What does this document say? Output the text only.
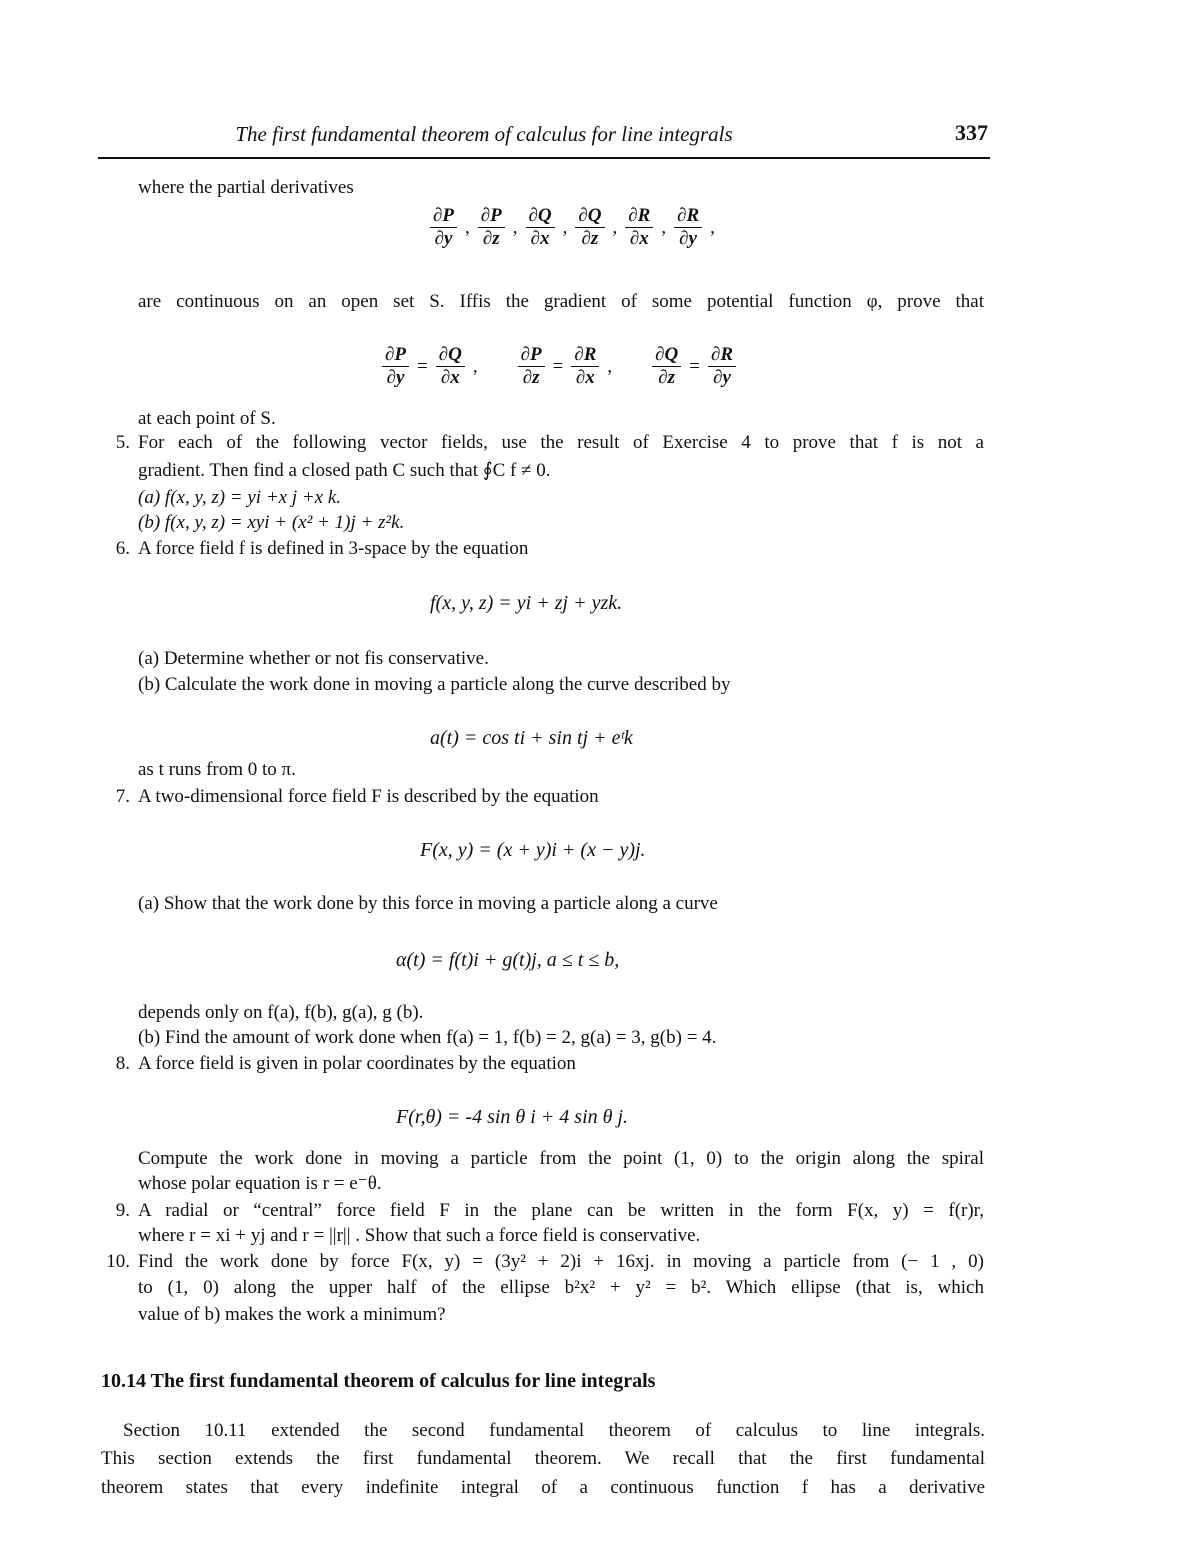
The first fundamental theorem of calculus for line integrals	337
where the partial derivatives
$\frac{\partial P}{\partial y}$ , $\frac{\partial P}{\partial z}$ , $\frac{\partial Q}{\partial x}$ , $\frac{\partial Q}{\partial z}$ , $\frac{\partial R}{\partial x}$ , $\frac{\partial R}{\partial y}$ ,
are continuous on an open set S. Iffis the gradient of some potential function φ, prove that
$\frac{\partial P}{\partial y} = \frac{\partial Q}{\partial x}$ , $\frac{\partial P}{\partial z} = \frac{\partial R}{\partial x}$ , $\frac{\partial Q}{\partial z} = \frac{\partial R}{\partial y}$
at each point of S.
5. For each of the following vector fields, use the result of Exercise 4 to prove that f is not a
gradient. Then find a closed path C such that ∮C f ≠ 0.
(a) f(x, y, z) = yi +x j +x k.
(b) f(x, y, z) = xyi + (x² + 1)j + z²k.
6. A force field f is defined in 3-space by the equation
f(x, y, z) = yi + zj + yzk.
(a) Determine whether or not fis conservative.
(b) Calculate the work done in moving a particle along the curve described by
a(t) = cos ti + sin tj + eᵗk
as t runs from 0 to π.
7. A two-dimensional force field F is described by the equation
F(x, y) = (x + y)i + (x − y)j.
(a) Show that the work done by this force in moving a particle along a curve
α(t) = f(t)i + g(t)j, a ≤ t ≤ b,
depends only on f(a), f(b), g(a), g (b).
(b) Find the amount of work done when f(a) = 1, f(b) = 2, g(a) = 3, g(b) = 4.
8. A force field is given in polar coordinates by the equation
F(r,θ) = -4 sin θ i + 4 sin θ j.
Compute the work done in moving a particle from the point (1, 0) to the origin along the spiral
whose polar equation is r = e⁻θ.
9. A radial or “central” force field F in the plane can be written in the form F(x, y) = f(r)r,
where r = xi + yj and r = ||r|| . Show that such a force field is conservative.
10. Find the work done by force F(x, y) = (3y² + 2)i + 16xj. in moving a particle from (− 1 , 0)
to (1, 0) along the upper half of the ellipse b²x² + y² = b². Which ellipse (that is, which
value of b) makes the work a minimum?
10.14 The first fundamental theorem of calculus for line integrals
Section 10.11 extended the second fundamental theorem of calculus to line integrals.
This section extends the first fundamental theorem. We recall that the first fundamental
theorem states that every indefinite integral of a continuous function f has a derivative
